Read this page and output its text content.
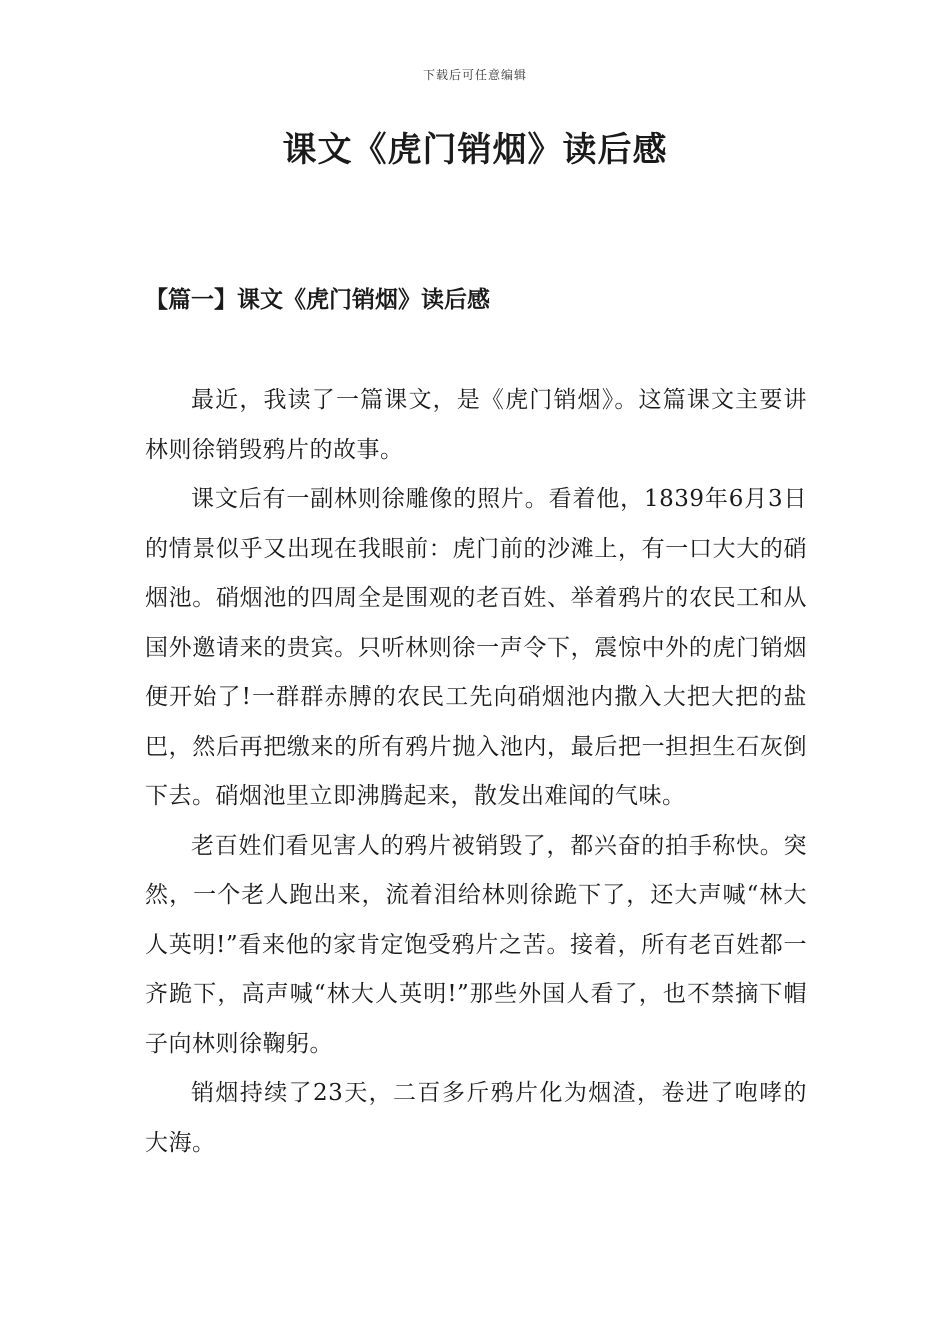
下载后可任意编辑
课文《虎门销烟》读后感
【篇一】课文《虎门销烟》读后感

最近，我读了一篇课文，是《虎门销烟》。这篇课文主要讲林则徐销毁鸦片的故事。

课文后有一副林则徐雕像的照片。看着他，1839年6月3日的情景似乎又出现在我眼前：虎门前的沙滩上，有一口大大的硝烟池。硝烟池的四周全是围观的老百姓、举着鸦片的农民工和从国外邀请来的贵宾。只听林则徐一声令下，震惊中外的虎门销烟便开始了!一群群赤膊的农民工先向硝烟池内撒入大把大把的盐巴，然后再把缴来的所有鸦片抛入池内，最后把一担担生石灰倒下去。硝烟池里立即沸腾起来，散发出难闻的气味。

老百姓们看见害人的鸦片被销毁了，都兴奋的拍手称快。突然，一个老人跑出来，流着泪给林则徐跪下了，还大声喊“林大人英明!”看来他的家肯定饱受鸦片之苦。接着，所有老百姓都一齐跪下，高声喊“林大人英明!”那些外国人看了，也不禁摘下帽子向林则徐鞠躬。

销烟持续了23天，二百多斤鸦片化为烟渣，卷进了咆哮的大海。
